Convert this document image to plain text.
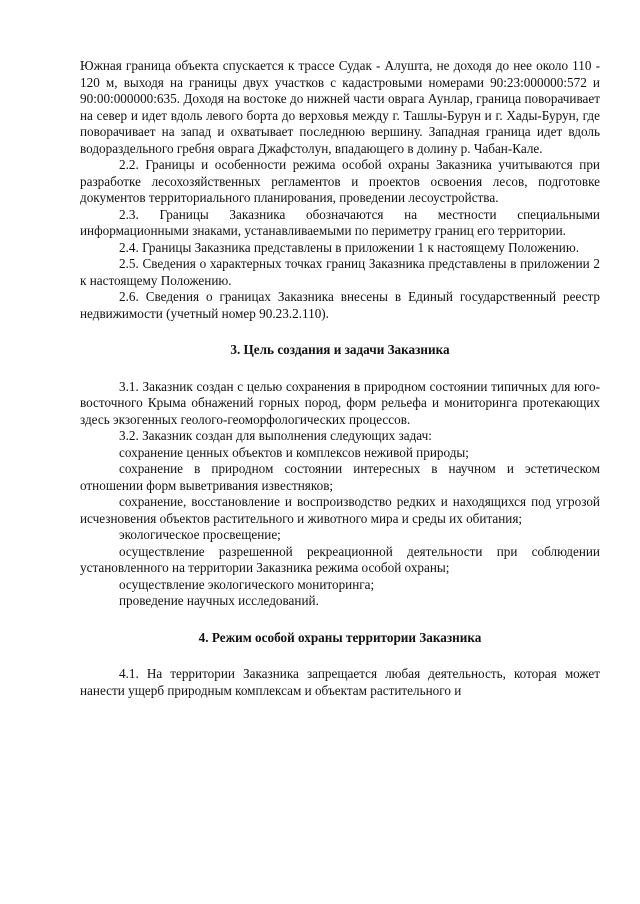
Южная граница объекта спускается к трассе Судак - Алушта, не доходя до нее около 110 - 120 м, выходя на границы двух участков с кадастровыми номерами 90:23:000000:572 и 90:00:000000:635. Доходя на востоке до нижней части оврага Аунлар, граница поворачивает на север и идет вдоль левого борта до верховья между г. Ташлы-Бурун и г. Хады-Бурун, где поворачивает на запад и охватывает последнюю вершину. Западная граница идет вдоль водораздельного гребня оврага Джафстолун, впадающего в долину р. Чабан-Кале.

2.2. Границы и особенности режима особой охраны Заказника учитываются при разработке лесохозяйственных регламентов и проектов освоения лесов, подготовке документов территориального планирования, проведении лесоустройства.

2.3. Границы Заказника обозначаются на местности специальными информационными знаками, устанавливаемыми по периметру границ его территории.

2.4. Границы Заказника представлены в приложении 1 к настоящему Положению.

2.5. Сведения о характерных точках границ Заказника представлены в приложении 2 к настоящему Положению.

2.6. Сведения о границах Заказника внесены в Единый государственный реестр недвижимости (учетный номер 90.23.2.110).

3. Цель создания и задачи Заказника

3.1. Заказник создан с целью сохранения в природном состоянии типичных для юго-восточного Крыма обнажений горных пород, форм рельефа и мониторинга протекающих здесь экзогенных геолого-геоморфологических процессов.

3.2. Заказник создан для выполнения следующих задач:

сохранение ценных объектов и комплексов неживой природы;

сохранение в природном состоянии интересных в научном и эстетическом отношении форм выветривания известняков;

сохранение, восстановление и воспроизводство редких и находящихся под угрозой исчезновения объектов растительного и животного мира и среды их обитания;

экологическое просвещение;

осуществление разрешенной рекреационной деятельности при соблюдении установленного на территории Заказника режима особой охраны;

осуществление экологического мониторинга;

проведение научных исследований.

4. Режим особой охраны территории Заказника

4.1. На территории Заказника запрещается любая деятельность, которая может нанести ущерб природным комплексам и объектам растительного и
